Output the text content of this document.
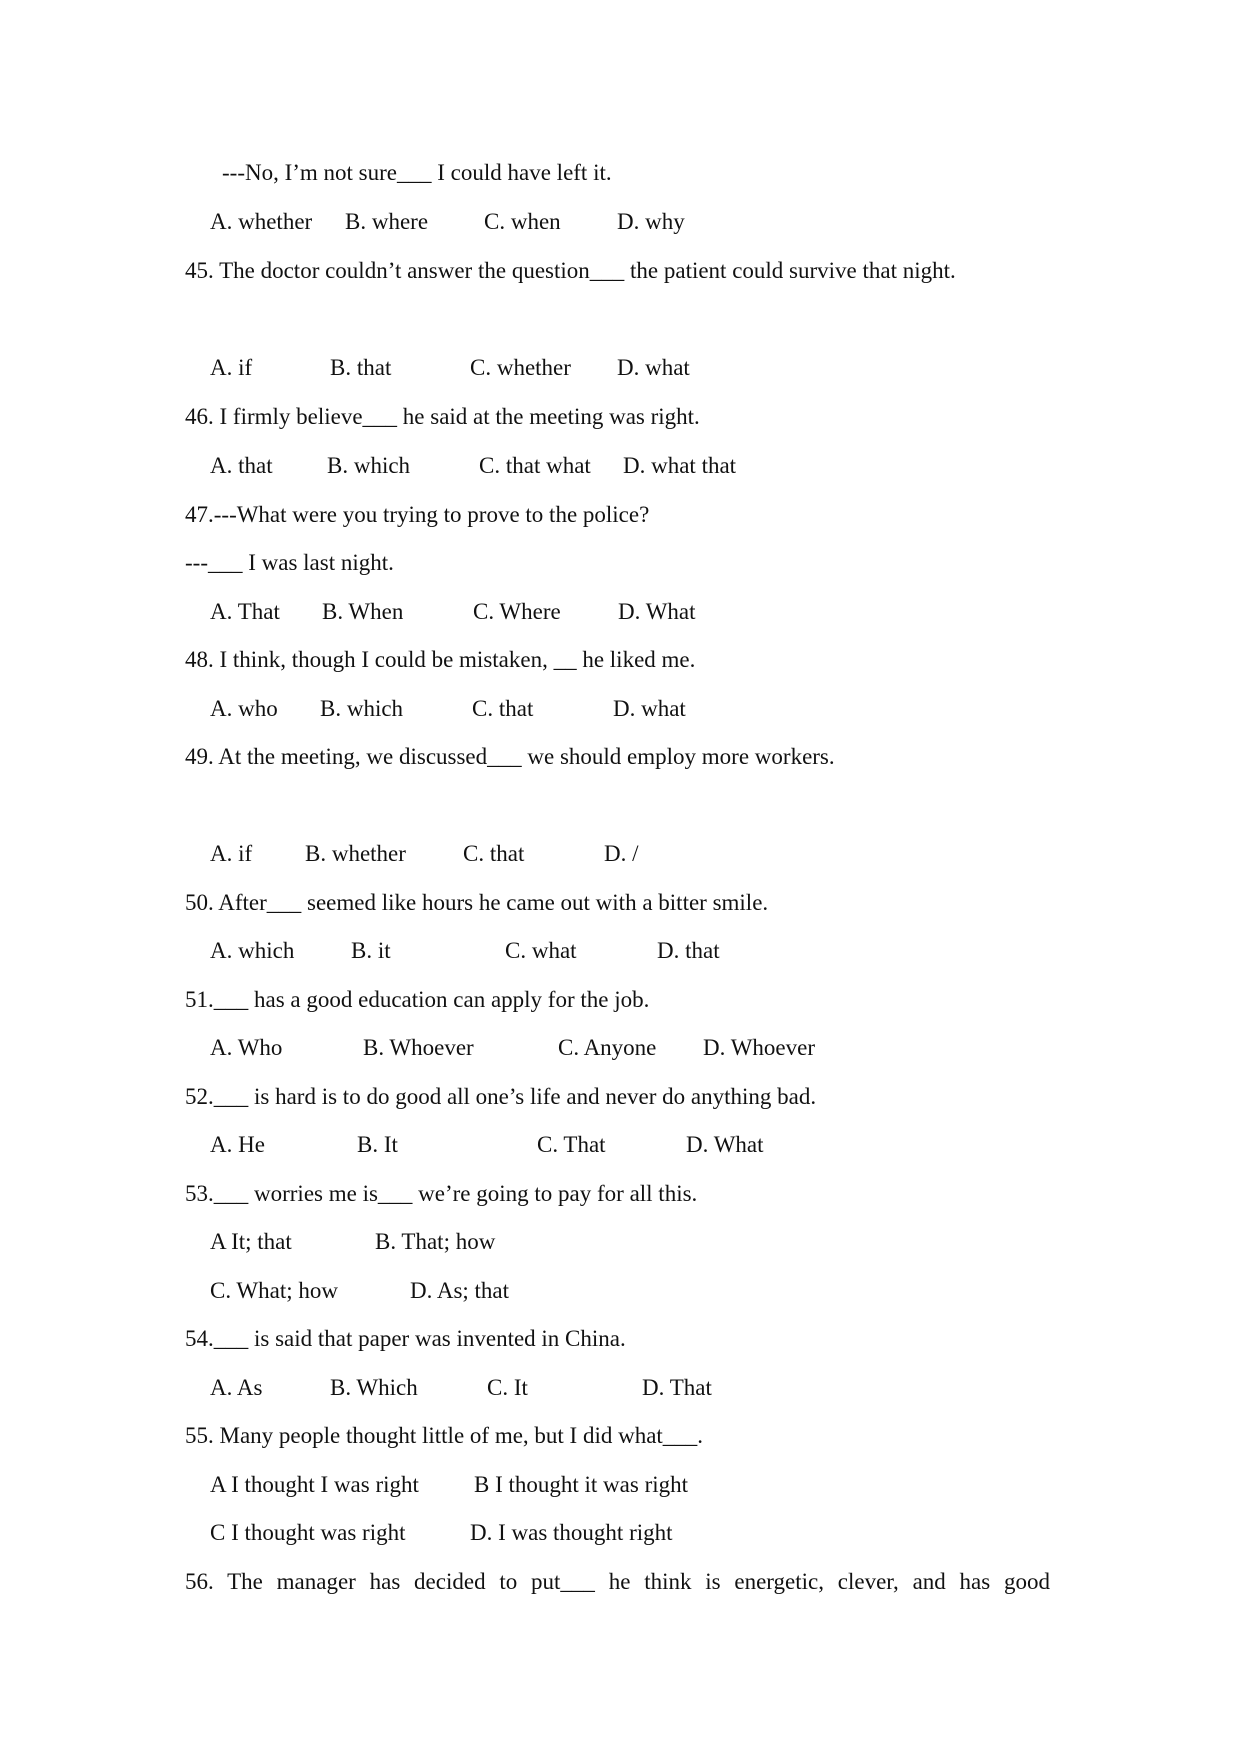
---No, I’m not sure___ I could have left it.
A. whether B. where C. when D. why
45. The doctor couldn’t answer the question___ the patient could survive that night.
A. if	B. that	C. whether D. what
46. I firmly believe___ he said at the meeting was right.
A. that B. which	C. that what D. what that
47.---What were you trying to prove to the police?
---___ I was last night.
A. That B. When	C. Where D. What
48. I think, though I could be mistaken, __ he liked me.
A. who B. which	C. that	D. what
49. At the meeting, we discussed___ we should employ more workers.
A. if B. whether C. that	D. /
50. After___ seemed like hours he came out with a bitter smile.
A. which B. it	C. what	D. that
51.___ has a good education can apply for the job.
A. Who	B. Whoever	C. Anyone D. Whoever
52.___ is hard is to do good all one’s life and never do anything bad.
A. He	B. It	C. That	D. What
53.___ worries me is___ we’re going to pay for all this.
A It; that	B. That; how
C. What; how	D. As; that
54.___ is said that paper was invented in China.
A. As	B. Which	C. It	D. That
55. Many people thought little of me, but I did what___.
A I thought I was right B I thought it was right
C I thought was right	D. I was thought right
56. The manager has decided to put___ he think is energetic, clever, and has good
